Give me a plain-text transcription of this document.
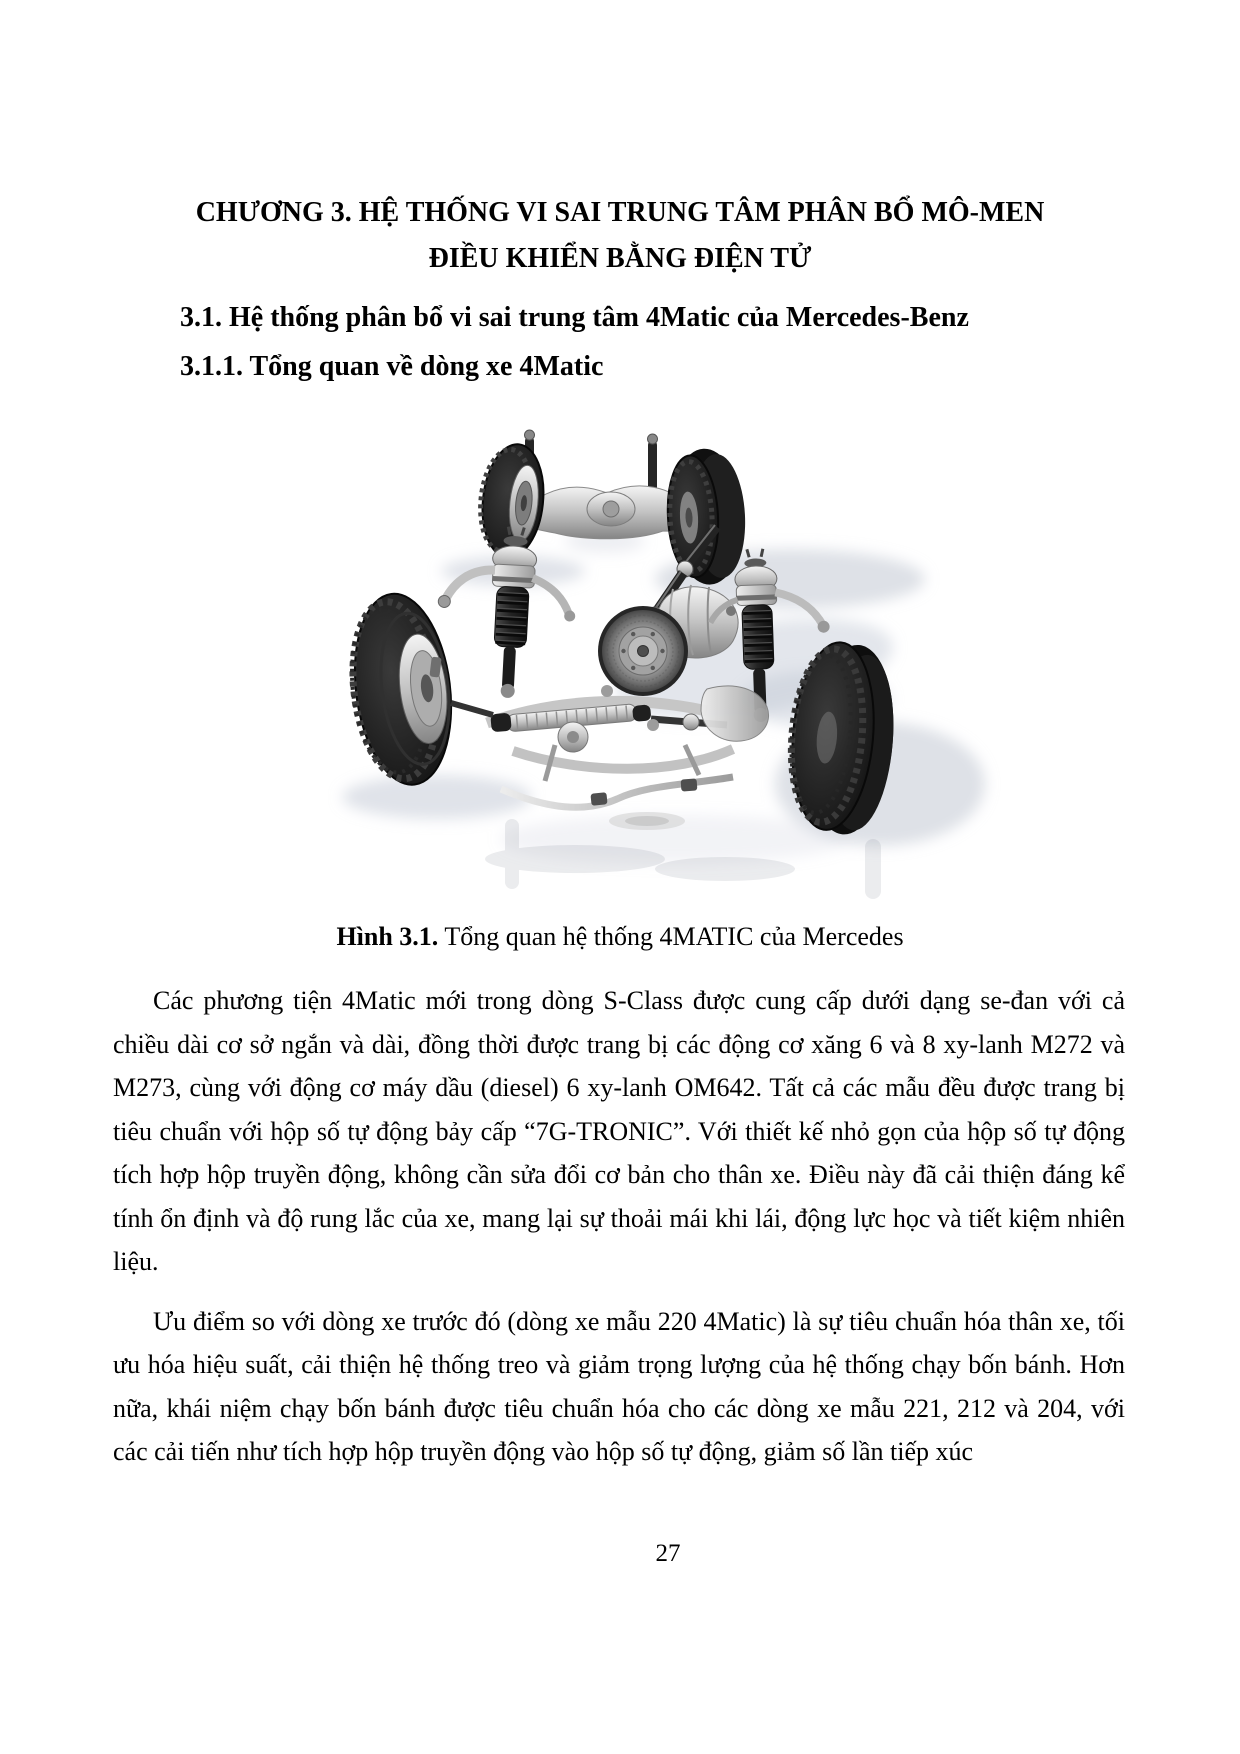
CHƯƠNG 3. HỆ THỐNG VI SAI TRUNG TÂM PHÂN BỔ MÔ-MEN
ĐIỀU KHIỂN BẰNG ĐIỆN TỬ
3.1. Hệ thống phân bổ vi sai trung tâm 4Matic của Mercedes-Benz
3.1.1. Tổng quan về dòng xe 4Matic
Hình 3.1. Tổng quan hệ thống 4MATIC của Mercedes

Các phương tiện 4Matic mới trong dòng S-Class được cung cấp dưới dạng se-đan với cả chiều dài cơ sở ngắn và dài, đồng thời được trang bị các động cơ xăng 6 và 8 xy-lanh M272 và M273, cùng với động cơ máy dầu (diesel) 6 xy-lanh OM642. Tất cả các mẫu đều được trang bị tiêu chuẩn với hộp số tự động bảy cấp “7G-TRONIC”. Với thiết kế nhỏ gọn của hộp số tự động tích hợp hộp truyền động, không cần sửa đổi cơ bản cho thân xe. Điều này đã cải thiện đáng kể tính ổn định và độ rung lắc của xe, mang lại sự thoải mái khi lái, động lực học và tiết kiệm nhiên liệu.

Ưu điểm so với dòng xe trước đó (dòng xe mẫu 220 4Matic) là sự tiêu chuẩn hóa thân xe, tối ưu hóa hiệu suất, cải thiện hệ thống treo và giảm trọng lượng của hệ thống chạy bốn bánh. Hơn nữa, khái niệm chạy bốn bánh được tiêu chuẩn hóa cho các dòng xe mẫu 221, 212 và 204, với các cải tiến như tích hợp hộp truyền động vào hộp số tự động, giảm số lần tiếp xúc

27
